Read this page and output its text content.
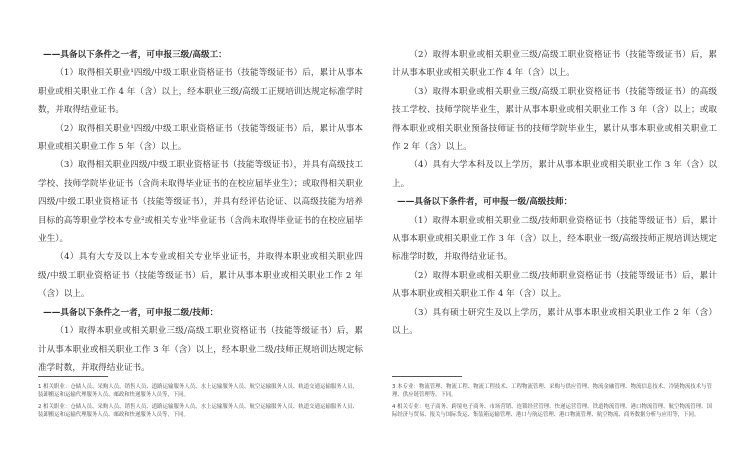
——具备以下条件之一者，可申报三级/高级工：

（1）取得相关职业¹四级/中级工职业资格证书（技能等级证书）后，累计从事本职业或相关职业工作 4 年（含）以上，经本职业三级/高级工正规培训达规定标准学时数，并取得结业证书。

（2）取得相关职业¹四级/中级工职业资格证书（技能等级证书）后，累计从事本职业或相关职业工作 5 年（含）以上。

（3）取得相关职业四级/中级工职业资格证书（技能等级证书），并具有高级技工学校、技师学院毕业证书（含尚未取得毕业证书的在校应届毕业生）；或取得相关职业四级/中级工职业资格证书（技能等级证书），并具有经评估论证、以高级技能为培养目标的高等职业学校本专业²或相关专业³毕业证书（含尚未取得毕业证书的在校应届毕业生）。

（4）具有大专及以上本专业或相关专业毕业证书，并取得本职业或相关职业四级/中级工职业资格证书（技能等级证书）后，累计从事本职业或相关职业工作 2 年（含）以上。

——具备以下条件之一者，可申报二级/技师：

（1）取得本职业或相关职业三级/高级工职业资格证书（技能等级证书）后，累计从事本职业或相关职业工作 3 年（含）以上，经本职业二级/技师正规培训达规定标准学时数，并取得结业证书。

（2）取得本职业或相关职业三级/高级工职业资格证书（技能等级证书）后，累计从事本职业或相关职业工作 4 年（含）以上。

（3）取得本职业或相关职业三级/高级工职业资格证书（技能等级证书）的高级技工学校、技师学院毕业生，累计从事本职业或相关职业工作 3 年（含）以上；或取得本职业或相关职业预备技师证书的技师学院毕业生，累计从事本职业或相关职业工作 2 年（含）以上。

（4）具有大学本科及以上学历，累计从事本职业或相关职业工作 3 年（含）以上。

——具备以下条件者，可申报一级/高级技师：

（1）取得本职业或相关职业二级/技师职业资格证书（技能等级证书）后，累计从事本职业或相关职业工作 3 年（含）以上，经本职业一级/高级技师正规培训达规定标准学时数，并取得结业证书。

（2）取得本职业或相关职业二级/技师职业资格证书（技能等级证书）后，累计从事本职业或相关职业工作 4 年（含）以上。

（3）具有硕士研究生及以上学历，累计从事本职业或相关职业工作 2 年（含）以上。

1 相关职业：仓储人员、采购人员、销售人员、道路运输服务人员、水上运输服务人员、航空运输服务人员、轨道交通运输服务人员、装卸搬运和运输代理服务人员、邮政和快递服务人员等，下同。

2 相关职业：仓储人员、采购人员、销售人员、道路运输服务人员、水上运输服务人员、航空运输服务人员、轨道交通运输服务人员、装卸搬运和运输代理服务人员、邮政和快递服务人员等，下同。

3 本专业：物流管理、物流工程、物流工程技术、工程物流管理、采购与供应管理、物流金融管理、物流信息技术、冷链物流技术与管理、供应链管理等，下同。

4 相关专业：电子商务、跨境电子商务、市场营销、连锁经营管理、快递运营管理、铁道物流管理、港口物流管理、航空物流管理、国际经济与贸易、报关与国际货运、集装箱运输管理、港口与航运管理、港口物流管理、航空物流、商务数据分析与应用等，下同。
